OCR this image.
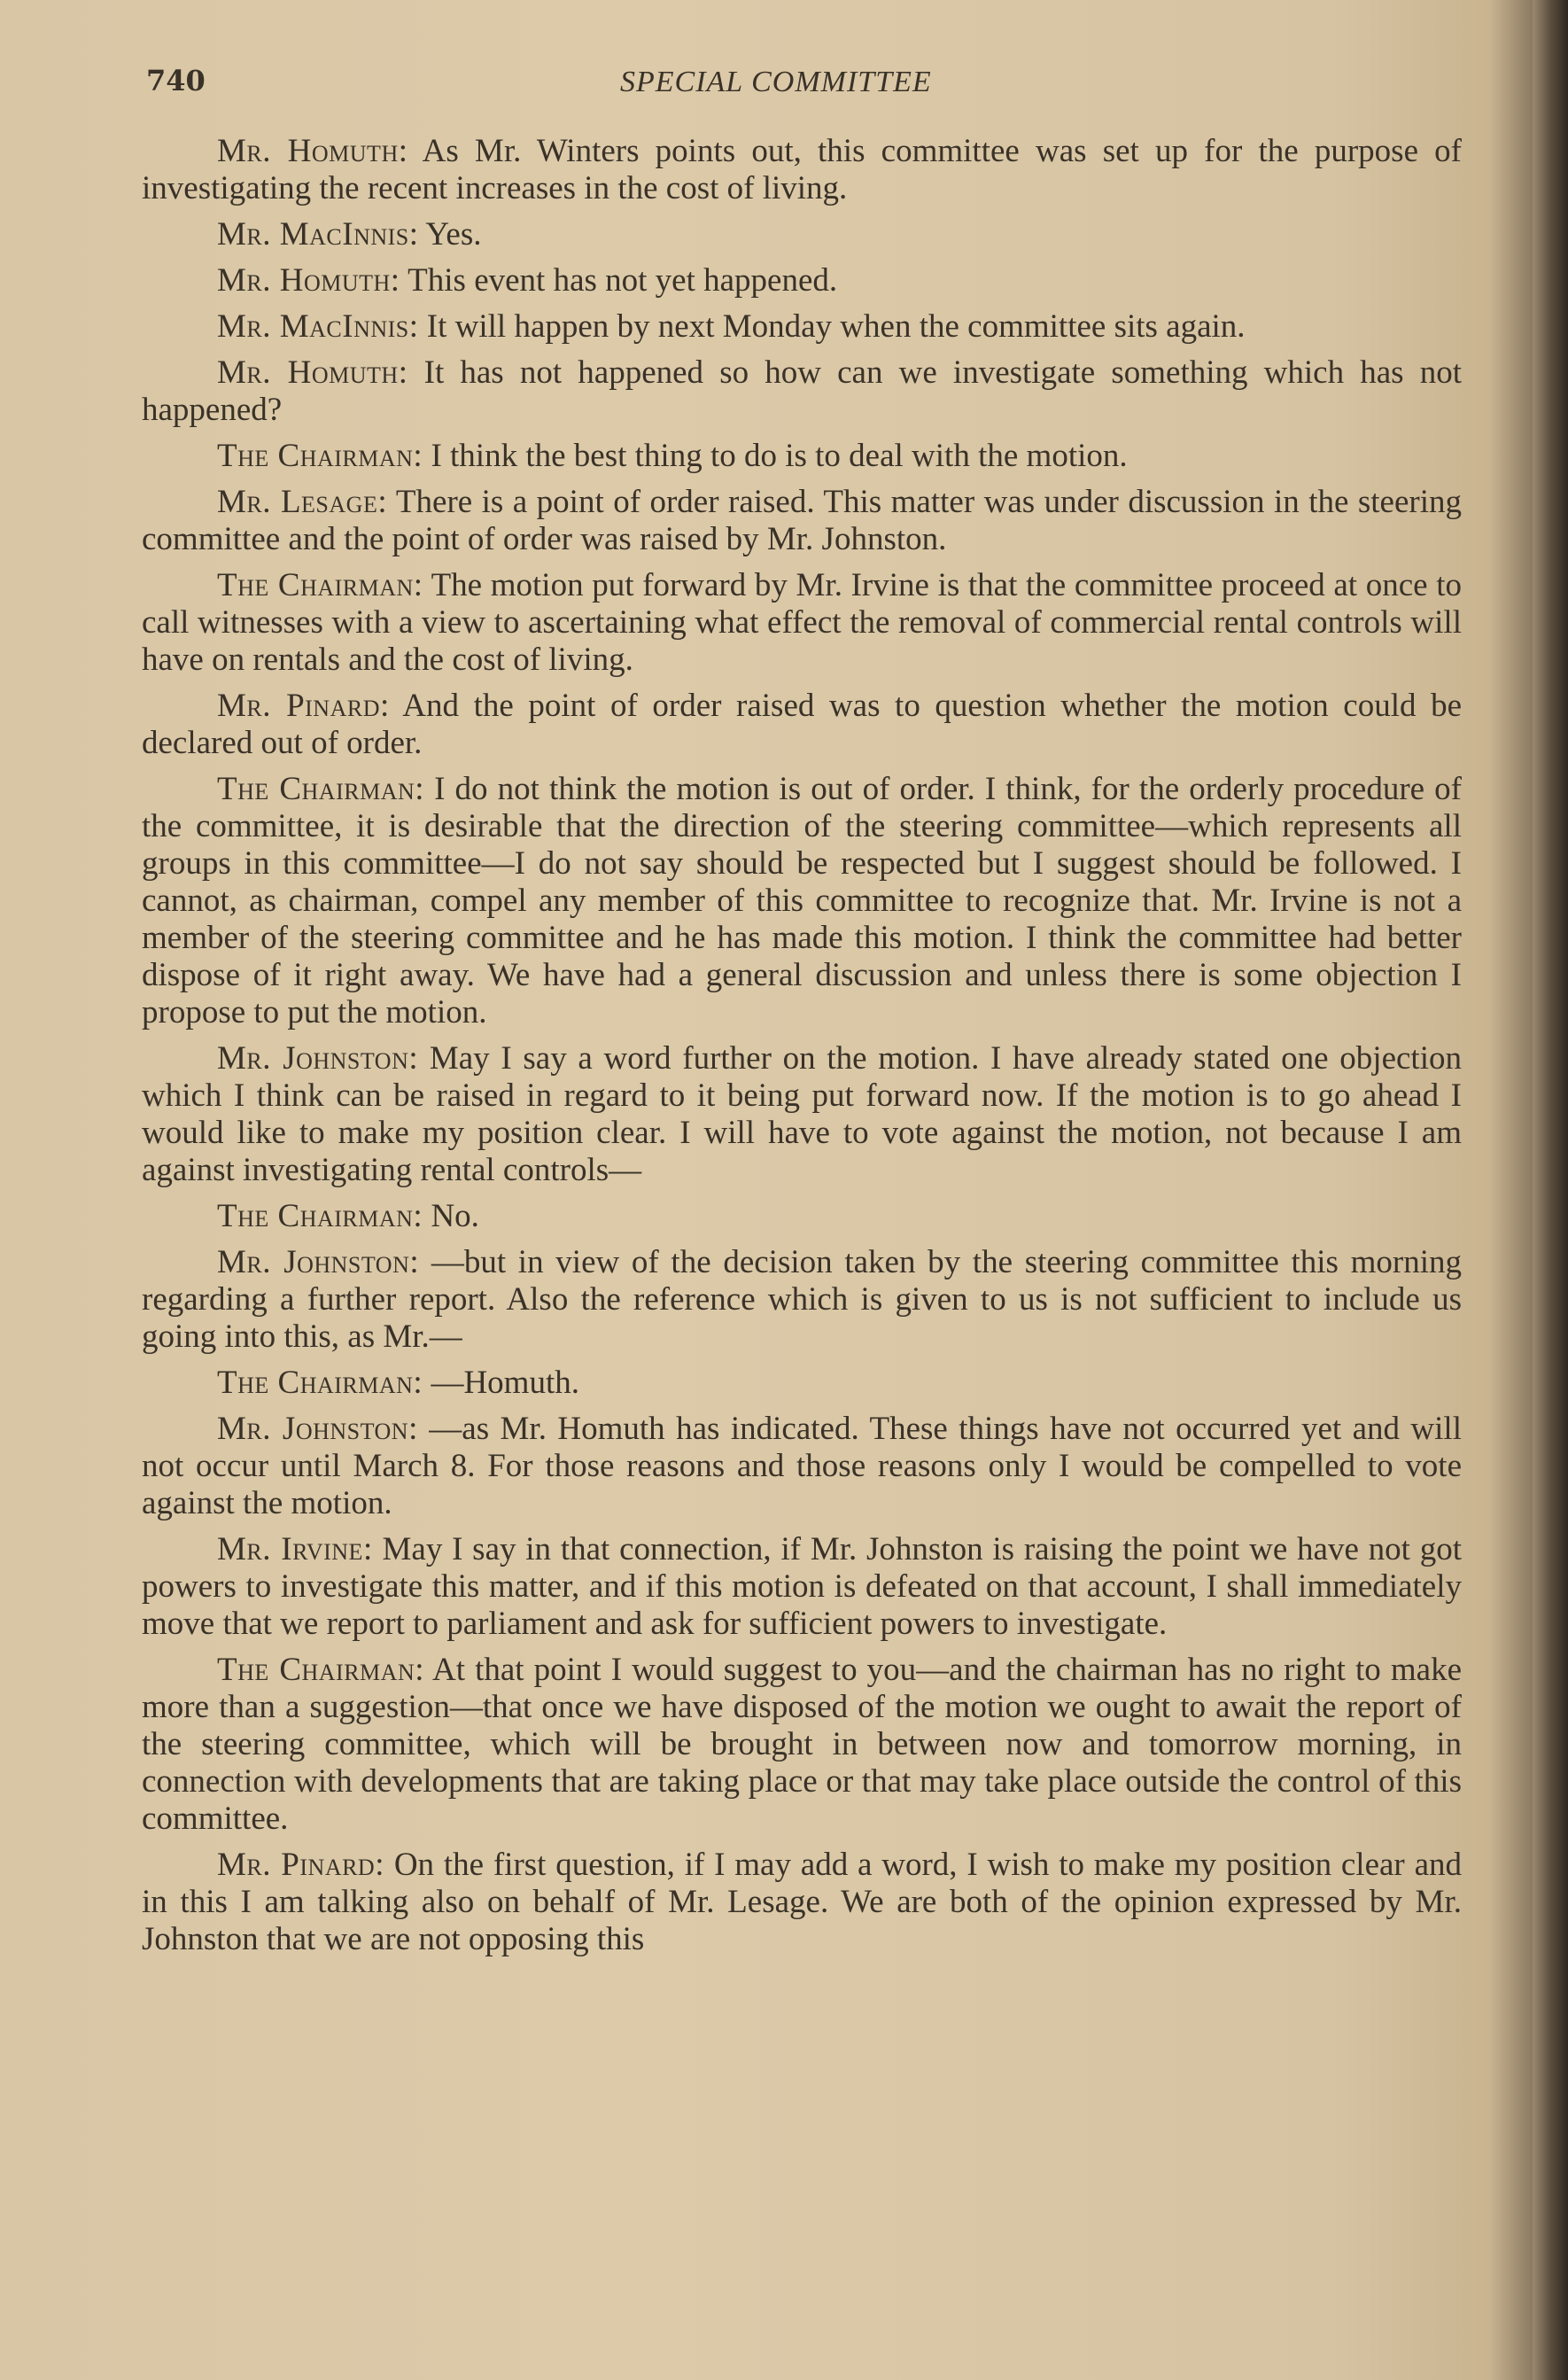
740	SPECIAL COMMITTEE

Mr. Homuth: As Mr. Winters points out, this committee was set up for the purpose of investigating the recent increases in the cost of living.

Mr. MacInnis: Yes.

Mr. Homuth: This event has not yet happened.

Mr. MacInnis: It will happen by next Monday when the committee sits again.

Mr. Homuth: It has not happened so how can we investigate something which has not happened?

The Chairman: I think the best thing to do is to deal with the motion.

Mr. Lesage: There is a point of order raised. This matter was under discussion in the steering committee and the point of order was raised by Mr. Johnston.

The Chairman: The motion put forward by Mr. Irvine is that the committee proceed at once to call witnesses with a view to ascertaining what effect the removal of commercial rental controls will have on rentals and the cost of living.

Mr. Pinard: And the point of order raised was to question whether the motion could be declared out of order.

The Chairman: I do not think the motion is out of order. I think, for the orderly procedure of the committee, it is desirable that the direction of the steering committee—which represents all groups in this committee—I do not say should be respected but I suggest should be followed. I cannot, as chairman, compel any member of this committee to recognize that. Mr. Irvine is not a member of the steering committee and he has made this motion. I think the committee had better dispose of it right away. We have had a general discussion and unless there is some objection I propose to put the motion.

Mr. Johnston: May I say a word further on the motion. I have already stated one objection which I think can be raised in regard to it being put forward now. If the motion is to go ahead I would like to make my position clear. I will have to vote against the motion, not because I am against investigating rental controls—

The Chairman: No.

Mr. Johnston: —but in view of the decision taken by the steering committee this morning regarding a further report. Also the reference which is given to us is not sufficient to include us going into this, as Mr.—

The Chairman: —Homuth.

Mr. Johnston: —as Mr. Homuth has indicated. These things have not occurred yet and will not occur until March 8. For those reasons and those reasons only I would be compelled to vote against the motion.

Mr. Irvine: May I say in that connection, if Mr. Johnston is raising the point we have not got powers to investigate this matter, and if this motion is defeated on that account, I shall immediately move that we report to parliament and ask for sufficient powers to investigate.

The Chairman: At that point I would suggest to you—and the chairman has no right to make more than a suggestion—that once we have disposed of the motion we ought to await the report of the steering committee, which will be brought in between now and tomorrow morning, in connection with developments that are taking place or that may take place outside the control of this committee.

Mr. Pinard: On the first question, if I may add a word, I wish to make my position clear and in this I am talking also on behalf of Mr. Lesage. We are both of the opinion expressed by Mr. Johnston that we are not opposing this
